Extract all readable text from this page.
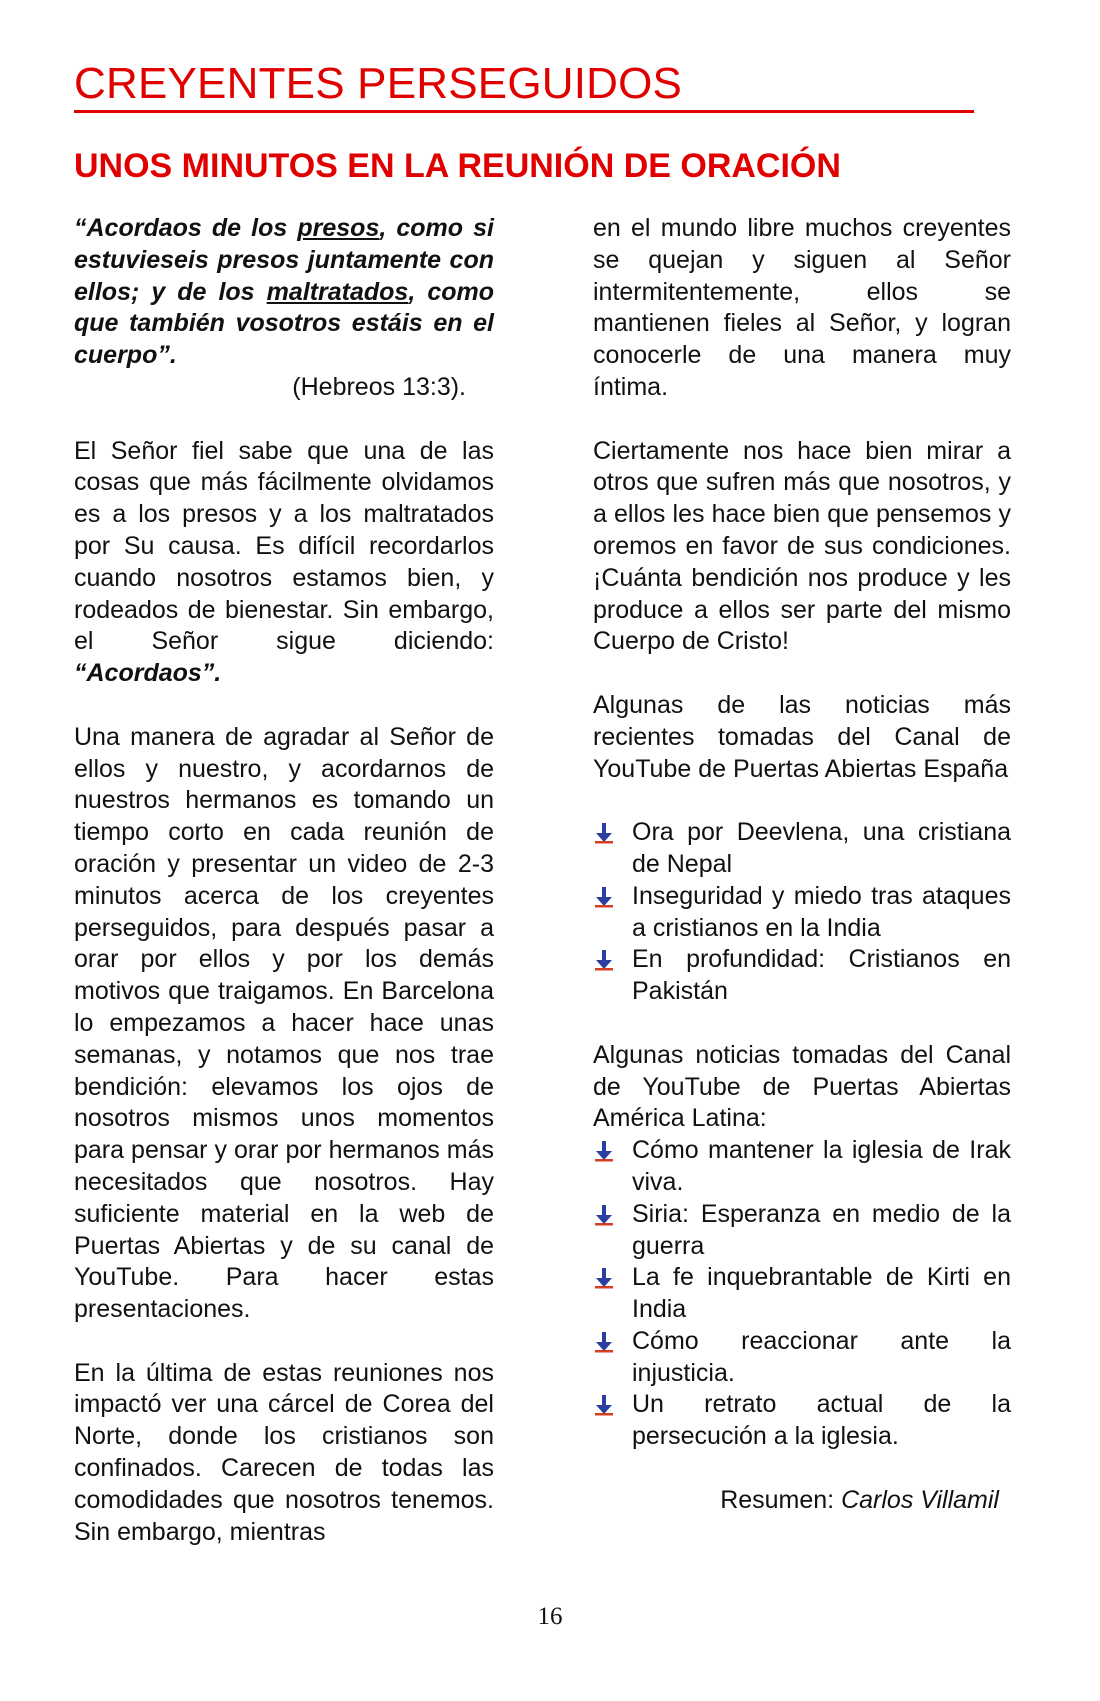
CREYENTES PERSEGUIDOS
UNOS MINUTOS EN LA REUNIÓN DE ORACIÓN

“Acordaos de los presos, como si estuvieseis presos juntamente con ellos; y de los maltratados, como que también vosotros estáis en el cuerpo”.

(Hebreos 13:3).

El Señor fiel sabe que una de las cosas que más fácilmente olvidamos es a los presos y a los maltratados por Su causa. Es difícil recordarlos cuando nosotros estamos bien, y rodeados de bienestar. Sin embargo, el Señor sigue diciendo: “Acordaos”.

Una manera de agradar al Señor de ellos y nuestro, y acordarnos de nuestros hermanos es tomando un tiempo corto en cada reunión de oración y presentar un video de 2-3 minutos acerca de los creyentes perseguidos, para después pasar a orar por ellos y por los demás motivos que traigamos. En Barcelona lo empezamos a hacer hace unas semanas, y notamos que nos trae bendición: elevamos los ojos de nosotros mismos unos momentos para pensar y orar por hermanos más necesitados que nosotros. Hay suficiente material en la web de Puertas Abiertas y de su canal de YouTube. Para hacer estas presentaciones.

En la última de estas reuniones nos impactó ver una cárcel de Corea del Norte, donde los cristianos son confinados. Carecen de todas las comodidades que nosotros tenemos. Sin embargo, mientras

en el mundo libre muchos creyentes se quejan y siguen al Señor intermitentemente, ellos se mantienen fieles al Señor, y logran conocerle de una manera muy íntima.

Ciertamente nos hace bien mirar a otros que sufren más que nosotros, y a ellos les hace bien que pensemos y oremos en favor de sus condiciones. ¡Cuánta bendición nos produce y les produce a ellos ser parte del mismo Cuerpo de Cristo!

Algunas de las noticias más recientes tomadas del Canal de YouTube de Puertas Abiertas España

Ora por Deevlena, una cristiana de Nepal
Inseguridad y miedo tras ataques a cristianos en la India
En profundidad: Cristianos en Pakistán

Algunas noticias tomadas del Canal de YouTube de Puertas Abiertas América Latina:

Cómo mantener la iglesia de Irak viva.
Siria: Esperanza en medio de la guerra
La fe inquebrantable de Kirti en India
Cómo reaccionar ante la injusticia.
Un retrato actual de la persecución a la iglesia.

Resumen: Carlos Villamil

16
